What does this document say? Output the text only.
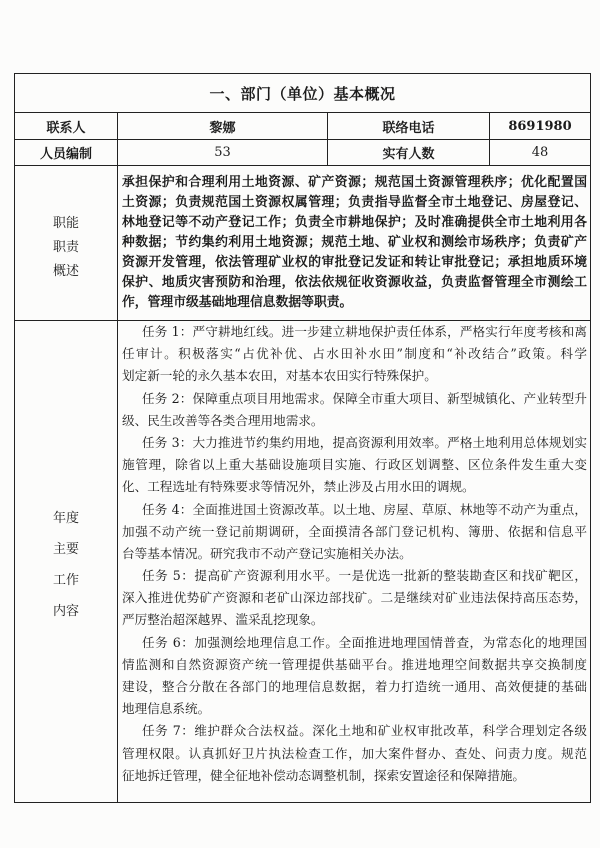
一、部门（单位）基本概况
联系人	黎娜	联络电话	8691980
人员编制	53	实有人数	48
职能
职责
概述
承担保护和合理利用土地资源、矿产资源；规范国土资源管理秩序；优化配置国
土资源；负责规范国土资源权属管理；负责指导监督全市土地登记、房屋登记、
林地登记等不动产登记工作；负责全市耕地保护；及时准确提供全市土地利用各
种数据；节约集约利用土地资源；规范土地、矿业权和测绘市场秩序；负责矿产
资源开发管理，依法管理矿业权的审批登记发证和转让审批登记；承担地质环境
保护、地质灾害预防和治理，依法依规征收资源收益，负责监督管理全市测绘工
作，管理市级基础地理信息数据等职责。
年度
主要
工作
内容
任务 1：严守耕地红线。进一步建立耕地保护责任体系，严格实行年度考核和离
任审计。积极落实“占优补优、占水田补水田”制度和“补改结合”政策。科学
划定新一轮的永久基本农田，对基本农田实行特殊保护。
任务 2：保障重点项目用地需求。保障全市重大项目、新型城镇化、产业转型升
级、民生改善等各类合理用地需求。
任务 3：大力推进节约集约用地，提高资源利用效率。严格土地利用总体规划实
施管理，除省以上重大基础设施项目实施、行政区划调整、区位条件发生重大变
化、工程选址有特殊要求等情况外，禁止涉及占用水田的调规。
任务 4：全面推进国土资源改革。以土地、房屋、草原、林地等不动产为重点，
加强不动产统一登记前期调研，全面摸清各部门登记机构、簿册、依据和信息平
台等基本情况。研究我市不动产登记实施相关办法。
任务 5：提高矿产资源利用水平。一是优选一批新的整装勘查区和找矿靶区，
深入推进优势矿产资源和老矿山深边部找矿。二是继续对矿业违法保持高压态势，
严厉整治超深越界、滥采乱挖现象。
任务 6：加强测绘地理信息工作。全面推进地理国情普查，为常态化的地理国
情监测和自然资源资产统一管理提供基础平台。推进地理空间数据共享交换制度
建设，整合分散在各部门的地理信息数据，着力打造统一通用、高效便捷的基础
地理信息系统。
任务 7：维护群众合法权益。深化土地和矿业权审批改革，科学合理划定各级
管理权限。认真抓好卫片执法检查工作，加大案件督办、查处、问责力度。规范
征地拆迁管理，健全征地补偿动态调整机制，探索安置途径和保障措施。
